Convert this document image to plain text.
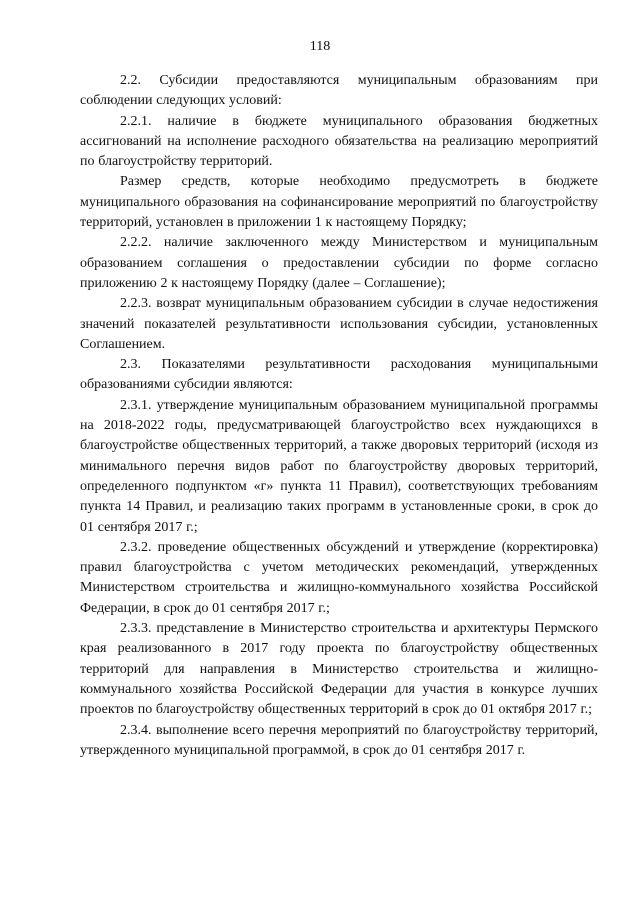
118

2.2. Субсидии предоставляются муниципальным образованиям при соблюдении следующих условий:

2.2.1. наличие в бюджете муниципального образования бюджетных ассигнований на исполнение расходного обязательства на реализацию мероприятий по благоустройству территорий.

Размер средств, которые необходимо предусмотреть в бюджете муниципального образования на софинансирование мероприятий по благоустройству территорий, установлен в приложении 1 к настоящему Порядку;

2.2.2. наличие заключенного между Министерством и муниципальным образованием соглашения о предоставлении субсидии по форме согласно приложению 2 к настоящему Порядку (далее – Соглашение);

2.2.3. возврат муниципальным образованием субсидии в случае недостижения значений показателей результативности использования субсидии, установленных Соглашением.

2.3. Показателями результативности расходования муниципальными образованиями субсидии являются:

2.3.1. утверждение муниципальным образованием муниципальной программы на 2018-2022 годы, предусматривающей благоустройство всех нуждающихся в благоустройстве общественных территорий, а также дворовых территорий (исходя из минимального перечня видов работ по благоустройству дворовых территорий, определенного подпунктом «г» пункта 11 Правил), соответствующих требованиям пункта 14 Правил, и реализацию таких программ в установленные сроки, в срок до 01 сентября 2017 г.;

2.3.2. проведение общественных обсуждений и утверждение (корректировка) правил благоустройства с учетом методических рекомендаций, утвержденных Министерством строительства и жилищно-коммунального хозяйства Российской Федерации, в срок до 01 сентября 2017 г.;

2.3.3. представление в Министерство строительства и архитектуры Пермского края реализованного в 2017 году проекта по благоустройству общественных территорий для направления в Министерство строительства и жилищно-коммунального хозяйства Российской Федерации для участия в конкурсе лучших проектов по благоустройству общественных территорий в срок до 01 октября 2017 г.;

2.3.4. выполнение всего перечня мероприятий по благоустройству территорий, утвержденного муниципальной программой, в срок до 01 сентября 2017 г.
